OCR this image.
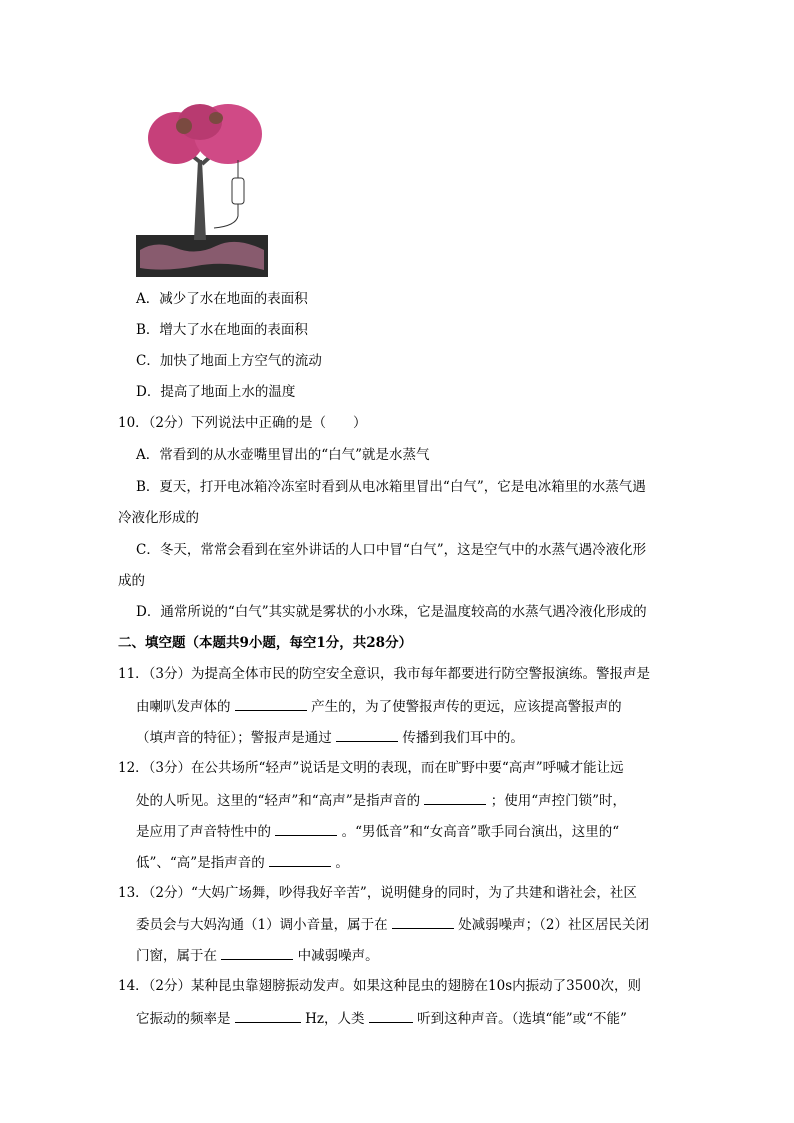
A．减少了水在地面的表面积
B．增大了水在地面的表面积
C．加快了地面上方空气的流动
D．提高了地面上水的温度
10．（2分）下列说法中正确的是（　　）
A．常看到的从水壶嘴里冒出的“白气”就是水蒸气
B．夏天，打开电冰箱冷冻室时看到从电冰箱里冒出“白气”，它是电冰箱里的水蒸气遇
冷液化形成的
C．冬天，常常会看到在室外讲话的人口中冒“白气”，这是空气中的水蒸气遇冷液化形
成的
D．通常所说的“白气”其实就是雾状的小水珠，它是温度较高的水蒸气遇冷液化形成的
二、填空题（本题共9小题，每空1分，共28分）
11．（3分）为提高全体市民的防空安全意识，我市每年都要进行防空警报演练。警报声是
由喇叭发声体的	产生的，为了使警报声传的更远，应该提高警报声的
（填声音的特征）；警报声是通过	传播到我们耳中的。
12．（3分）在公共场所“轻声”说话是文明的表现，而在旷野中要“高声”呼喊才能让远
处的人听见。这里的“轻声”和“高声”是指声音的	；使用“声控门锁”时，
是应用了声音特性中的	。“男低音”和“女高音”歌手同台演出，这里的“
低”、“高”是指声音的	。
13．（2分）“大妈广场舞，吵得我好辛苦”，说明健身的同时，为了共建和谐社会，社区
委员会与大妈沟通（1）调小音量，属于在	处减弱噪声；（2）社区居民关闭
门窗，属于在	中减弱噪声。
14．（2分）某种昆虫靠翅膀振动发声。如果这种昆虫的翅膀在10s内振动了3500次，则
它振动的频率是	Hz，人类	听到这种声音。（选填“能”或“不能”
